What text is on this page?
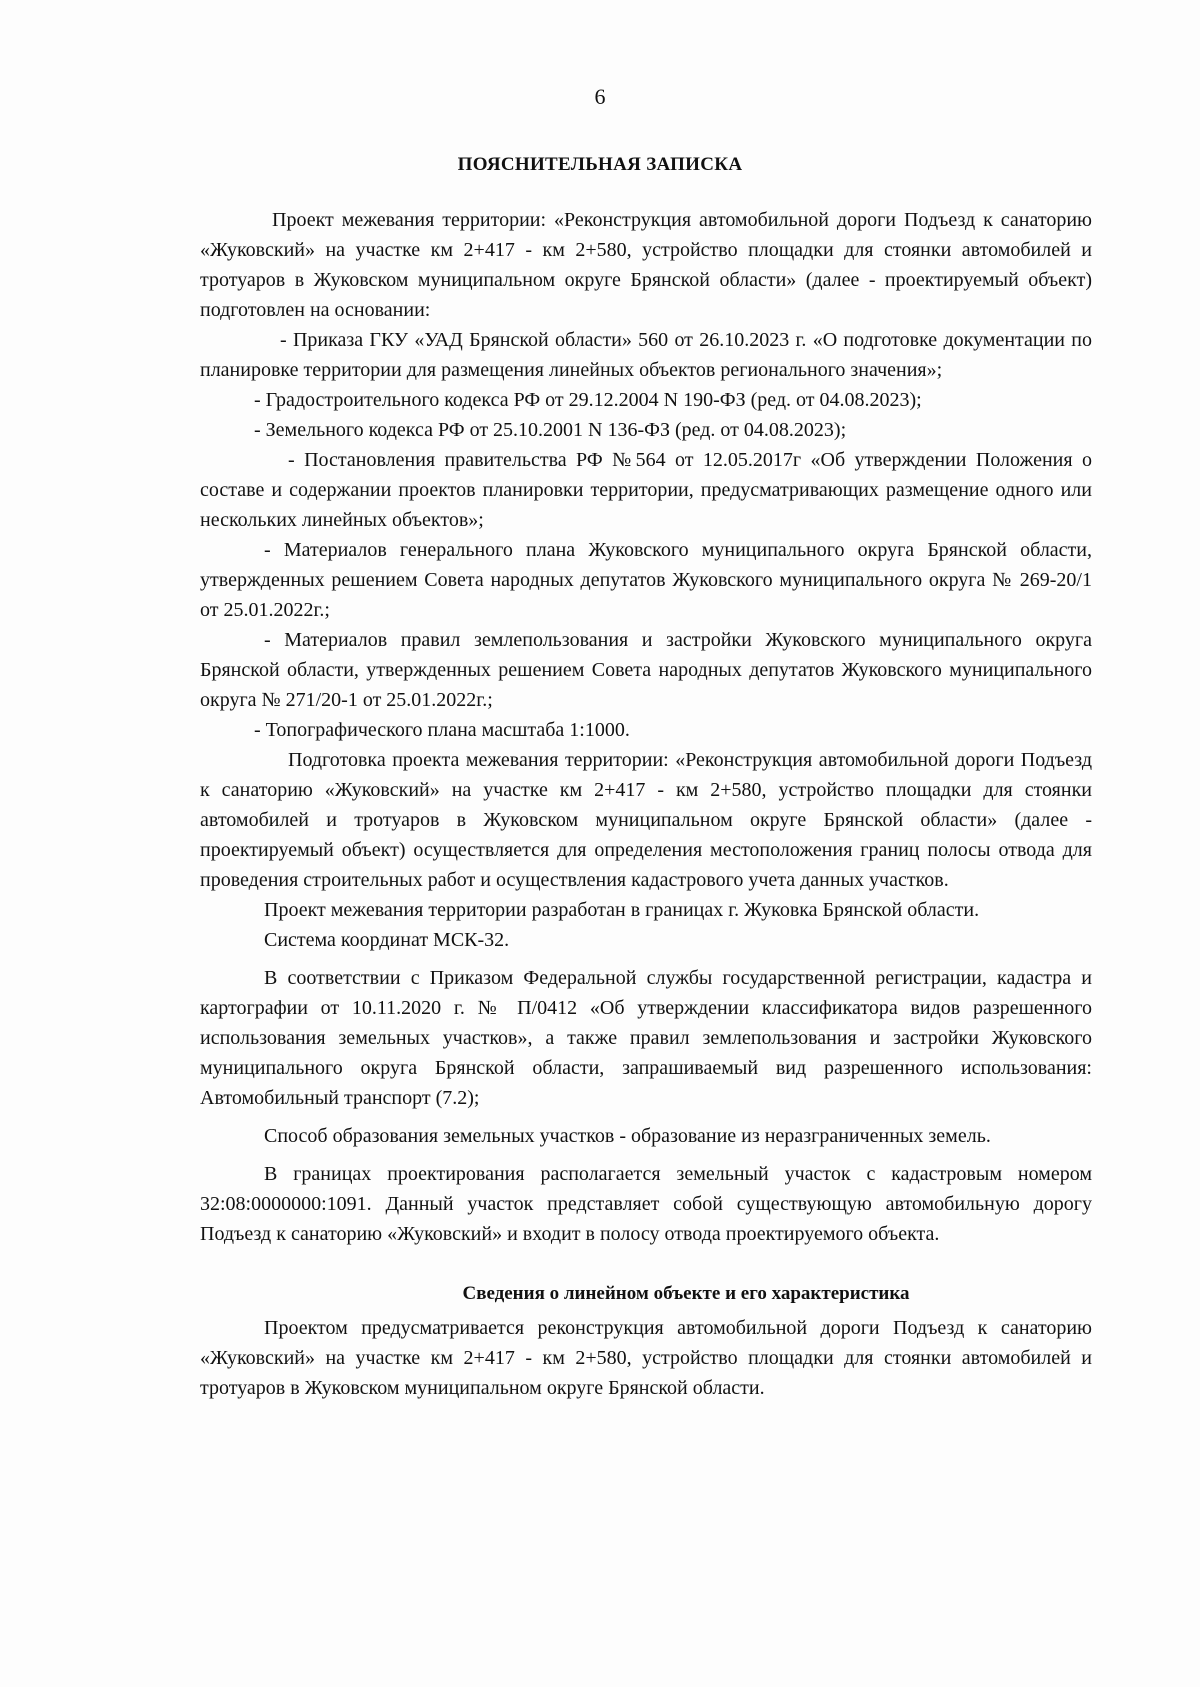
6
ПОЯСНИТЕЛЬНАЯ ЗАПИСКА

Проект межевания территории: «Реконструкция автомобильной дороги Подъезд к санаторию «Жуковский» на участке км 2+417 - км 2+580, устройство площадки для стоянки автомобилей и тротуаров в Жуковском муниципальном округе Брянской области» (далее - проектируемый объект) подготовлен на основании:

- Приказа ГКУ «УАД Брянской области» 560 от 26.10.2023 г. «О подготовке документации по планировке территории для размещения линейных объектов регионального значения»;

- Градостроительного кодекса РФ от 29.12.2004 N 190-ФЗ (ред. от 04.08.2023);

- Земельного кодекса РФ от 25.10.2001 N 136-ФЗ (ред. от 04.08.2023);

- Постановления правительства РФ №564 от 12.05.2017г «Об утверждении Положения о составе и содержании проектов планировки территории, предусматривающих размещение одного или нескольких линейных объектов»;

- Материалов генерального плана Жуковского муниципального округа Брянской области, утвержденных решением Совета народных депутатов Жуковского муниципального округа № 269-20/1 от 25.01.2022г.;

- Материалов правил землепользования и застройки Жуковского муниципального округа Брянской области, утвержденных решением Совета народных депутатов Жуковского муниципального округа № 271/20-1 от 25.01.2022г.;

- Топографического плана масштаба 1:1000.

Подготовка проекта межевания территории: «Реконструкция автомобильной дороги Подъезд к санаторию «Жуковский» на участке км 2+417 - км 2+580, устройство площадки для стоянки автомобилей и тротуаров в Жуковском муниципальном округе Брянской области» (далее - проектируемый объект) осуществляется для определения местоположения границ полосы отвода для проведения строительных работ и осуществления кадастрового учета данных участков.

Проект межевания территории разработан в границах г. Жуковка Брянской области.

Система координат МСК-32.

В соответствии с Приказом Федеральной службы государственной регистрации, кадастра и картографии от 10.11.2020 г. № П/0412 «Об утверждении классификатора видов разрешенного использования земельных участков», а также правил землепользования и застройки Жуковского муниципального округа Брянской области, запрашиваемый вид разрешенного использования: Автомобильный транспорт (7.2);

Способ образования земельных участков - образование из неразграниченных земель.

В границах проектирования располагается земельный участок с кадастровым номером 32:08:0000000:1091. Данный участок представляет собой существующую автомобильную дорогу Подъезд к санаторию «Жуковский» и входит в полосу отвода проектируемого объекта.

Сведения о линейном объекте и его характеристика

Проектом предусматривается реконструкция автомобильной дороги Подъезд к санаторию «Жуковский» на участке км 2+417 - км 2+580, устройство площадки для стоянки автомобилей и тротуаров в Жуковском муниципальном округе Брянской области.
